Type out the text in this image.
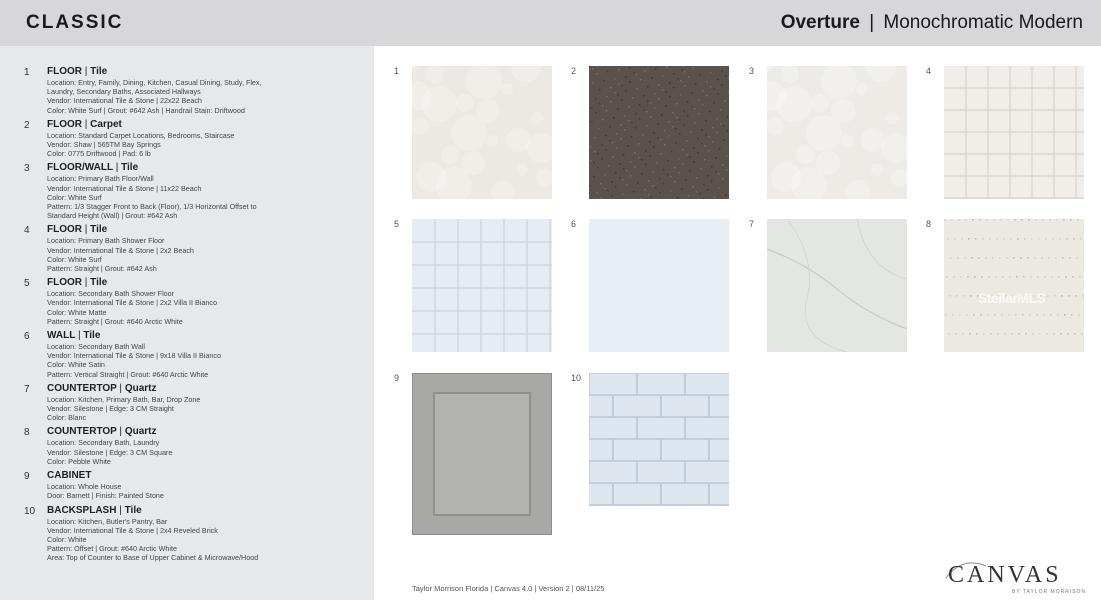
CLASSIC	Overture | Monochromatic Modern
1	FLOOR | Tile
Location: Entry, Family, Dining, Kitchen, Casual Dining, Study, Flex,
Laundry, Secondary Baths, Associated Hallways
Vendor: International Tile & Stone | 22x22 Beach
Color: White Surf | Grout: #642 Ash | Handrail Stain: Driftwood
2	FLOOR | Carpet
Location: Standard Carpet Locations, Bedrooms, Staircase
Vendor: Shaw | 565TM Bay Springs
Color: 0775 Driftwood | Pad: 6 lb
3	FLOOR/WALL | Tile
Location: Primary Bath Floor/Wall
Vendor: International Tile & Stone | 11x22 Beach
Color: White Surf
Pattern: 1/3 Stagger Front to Back (Floor), 1/3 Horizontal Offset to
Standard Height (Wall) | Grout: #642 Ash
4	FLOOR | Tile
Location: Primary Bath Shower Floor
Vendor: International Tile & Stone | 2x2 Beach
Color: White Surf
Pattern: Straight | Grout: #642 Ash
5	FLOOR | Tile
Location: Secondary Bath Shower Floor
Vendor: International Tile & Stone | 2x2 Villa II Bianco
Color: White Matte
Pattern: Straight | Grout: #640 Arctic White
6	WALL | Tile
Location: Secondary Bath Wall
Vendor: International Tile & Stone | 9x18 Villa II Bianco
Color: White Satin
Pattern: Vertical Straight | Grout: #640 Arctic White
7	COUNTERTOP | Quartz
Location: Kitchen, Primary Bath, Bar, Drop Zone
Vendor: Silestone | Edge: 3 CM Straight
Color: Blanc
8	COUNTERTOP | Quartz
Location: Secondary Bath, Laundry
Vendor: Silestone | Edge: 3 CM Square
Color: Pebble White
9	CABINET
Location: Whole House
Door: Barnett | Finish: Painted Stone
10	BACKSPLASH | Tile
Location: Kitchen, Butler's Pantry, Bar
Vendor: International Tile & Stone | 2x4 Reveled Brick
Color: White
Pattern: Offset | Grout: #640 Arctic White
Area: Top of Counter to Base of Upper Cabinet & Microwave/Hood
1	2	3	4
5	6	7	8
9	10
StellarMLS
Taylor Morrison Florida | Canvas 4.0 | Version 2 | 08/11/25
CANVAS
BY TAYLOR MORRISON
